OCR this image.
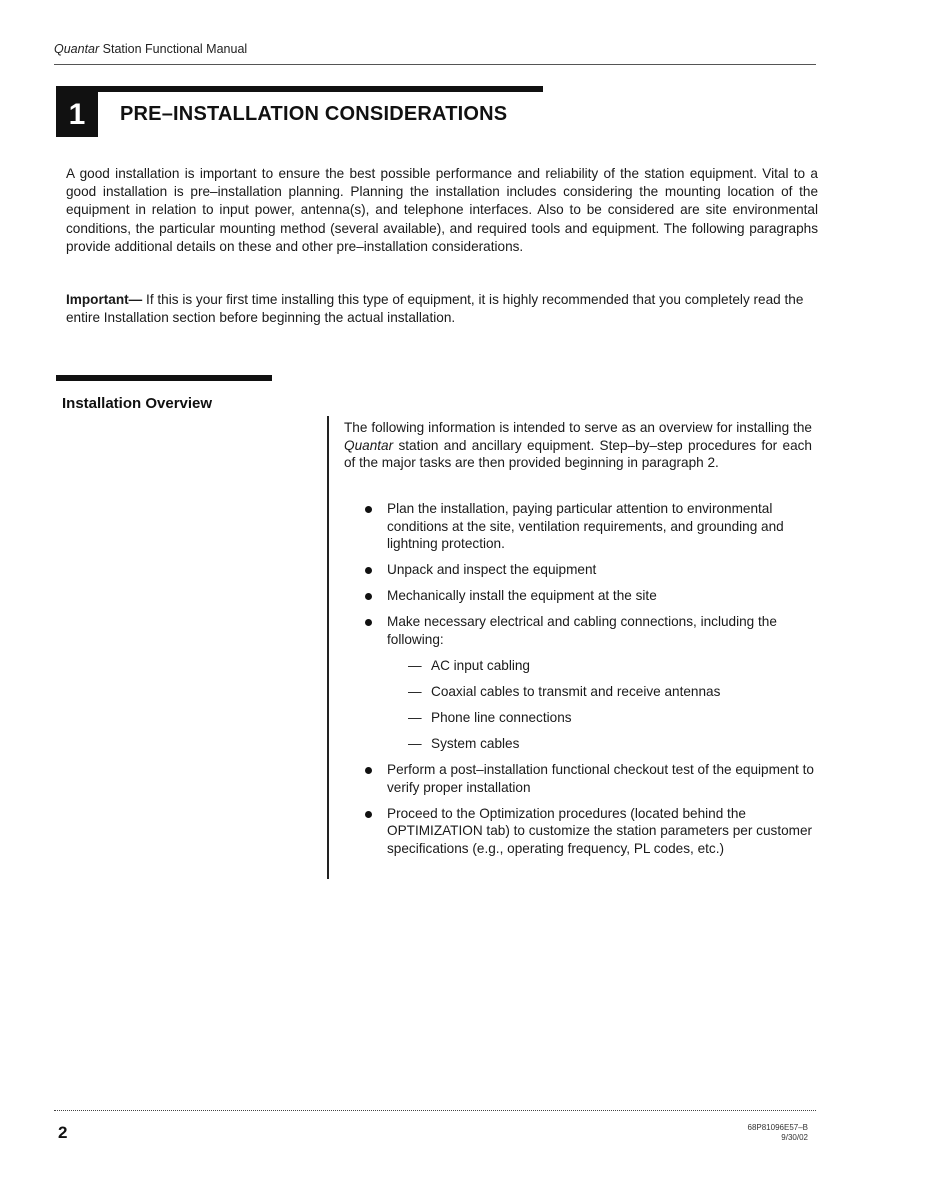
Quantar Station Functional Manual
1 PRE–INSTALLATION CONSIDERATIONS
A good installation is important to ensure the best possible performance and reliability of the station equipment. Vital to a good installation is pre–installation planning. Planning the installation includes considering the mounting location of the equipment in relation to input power, antenna(s), and telephone interfaces. Also to be considered are site environmental conditions, the particular mounting method (several available), and required tools and equipment. The following paragraphs provide additional details on these and other pre–installation considerations.
Important— If this is your first time installing this type of equipment, it is highly recommended that you completely read the entire Installation section before beginning the actual installation.
Installation Overview
The following information is intended to serve as an overview for installing the Quantar station and ancillary equipment. Step–by–step procedures for each of the major tasks are then provided beginning in paragraph 2.
Plan the installation, paying particular attention to environmental conditions at the site, ventilation requirements, and grounding and lightning protection.
Unpack and inspect the equipment
Mechanically install the equipment at the site
Make necessary electrical and cabling connections, including the following:
— AC input cabling
— Coaxial cables to transmit and receive antennas
— Phone line connections
— System cables
Perform a post–installation functional checkout test of the equipment to verify proper installation
Proceed to the Optimization procedures (located behind the OPTIMIZATION tab) to customize the station parameters per customer specifications (e.g., operating frequency, PL codes, etc.)
2	68P81096E57–B
9/30/02
